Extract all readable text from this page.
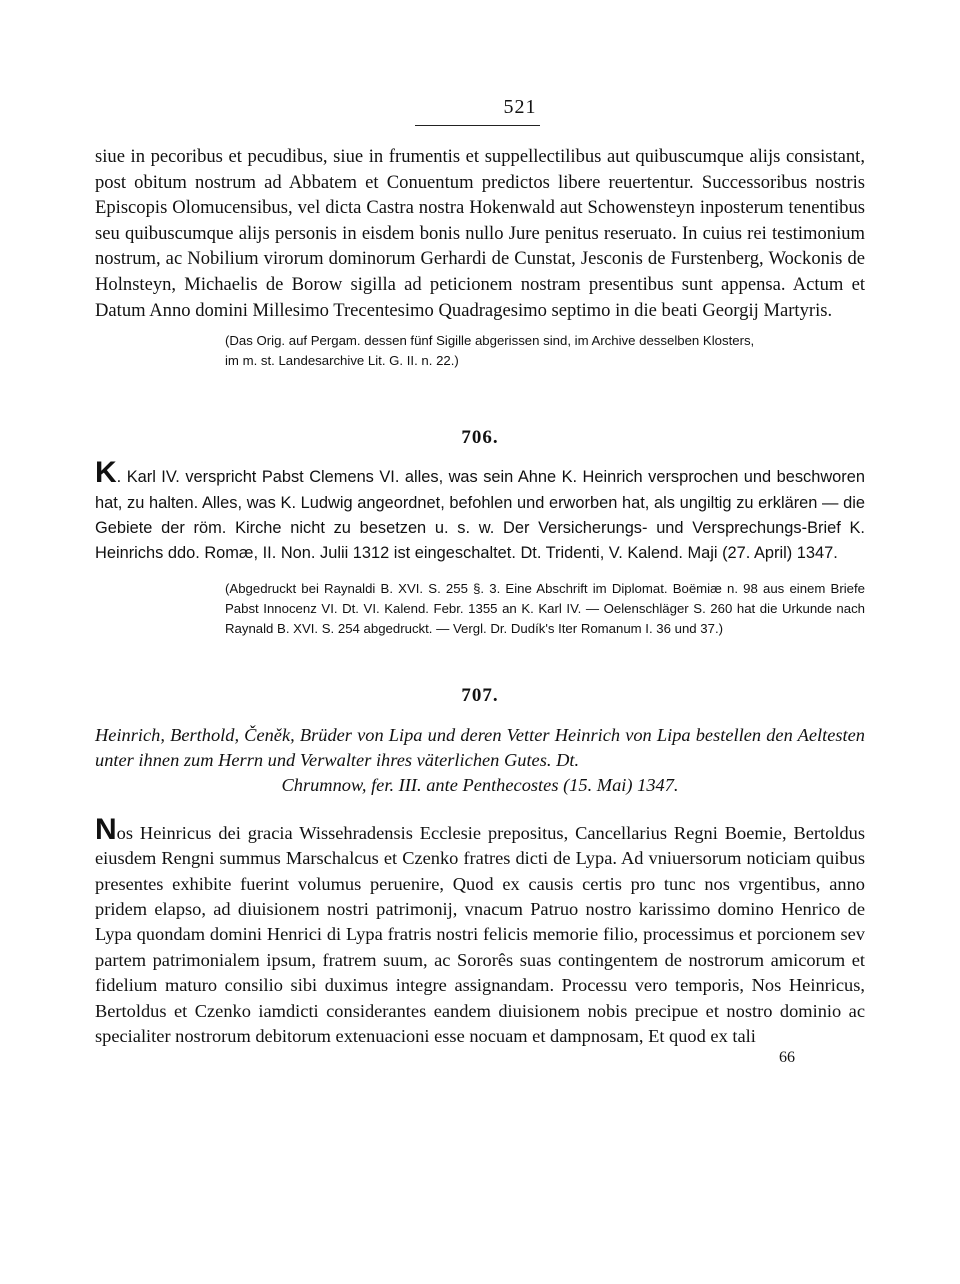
521

siue in pecoribus et pecudibus, siue in frumentis et suppellectilibus aut quibuscumque alijs consistant, post obitum nostrum ad Abbatem et Conuentum predictos libere reuertentur. Successoribus nostris Episcopis Olomucensibus, vel dicta Castra nostra Hokenwald aut Schowensteyn inposterum tenentibus seu quibuscumque alijs personis in eisdem bonis nullo Jure penitus reseruato. In cuius rei testimonium nostrum, ac Nobilium virorum dominorum Gerhardi de Cunstat, Jesconis de Furstenberg, Wockonis de Holnsteyn, Michaelis de Borow sigilla ad peticionem nostram presentibus sunt appensa. Actum et Datum Anno domini Millesimo Trecentesimo Quadragesimo septimo in die beati Georgij Martyris.

(Das Orig. auf Pergam. dessen fünf Sigille abgerissen sind, im Archive desselben Klosters,
im m. st. Landesarchive Lit. G. II. n. 22.)
706.

K. Karl IV. verspricht Pabst Clemens VI. alles, was sein Ahne K. Heinrich versprochen und beschworen hat, zu halten. Alles, was K. Ludwig angeordnet, befohlen und erworben hat, als ungiltig zu erklären — die Gebiete der röm. Kirche nicht zu besetzen u. s. w. Der Versicherungs- und Versprechungs-Brief K. Heinrichs ddo. Romæ, II. Non. Julii 1312 ist eingeschaltet. Dt. Tridenti, V. Kalend. Maji (27. April) 1347.

(Abgedruckt bei Raynaldi B. XVI. S. 255 §. 3. Eine Abschrift im Diplomat. Boëmiæ n. 98 aus einem Briefe Pabst Innocenz VI. Dt. VI. Kalend. Febr. 1355 an K. Karl IV. — Oelenschläger S. 260 hat die Urkunde nach Raynald B. XVI. S. 254 abgedruckt. — Vergl. Dr. Dudík's Iter Romanum I. 36 und 37.)

707.
Heinrich, Berthold, Čeněk, Brüder von Lipa und deren Vetter Heinrich von Lipa bestellen den Aeltesten unter ihnen zum Herrn und Verwalter ihres väterlichen Gutes. Dt.
Chrumnow, fer. III. ante Penthecostes (15. Mai) 1347.

Nos Heinricus dei gracia Wissehradensis Ecclesie prepositus, Cancellarius Regni Boemie, Bertoldus eiusdem Rengni summus Marschalcus et Czenko fratres dicti de Lypa. Ad vniuersorum noticiam quibus presentes exhibite fuerint volumus peruenire, Quod ex causis certis pro tunc nos vrgentibus, anno pridem elapso, ad diuisionem nostri patrimonij, vnacum Patruo nostro karissimo domino Henrico de Lypa quondam domini Henrici di Lypa fratris nostri felicis memorie filio, processimus et porcionem sev partem patrimonialem ipsum, fratrem suum, ac Sororês suas contingentem de nostrorum amicorum et fidelium maturo consilio sibi duximus integre assignandam. Processu vero temporis, Nos Heinricus, Bertoldus et Czenko iamdicti considerantes eandem diuisionem nobis precipue et nostro dominio ac specialiter nostrorum debitorum extenuacioni esse nocuam et dampnosam, Et quod ex tali

66
